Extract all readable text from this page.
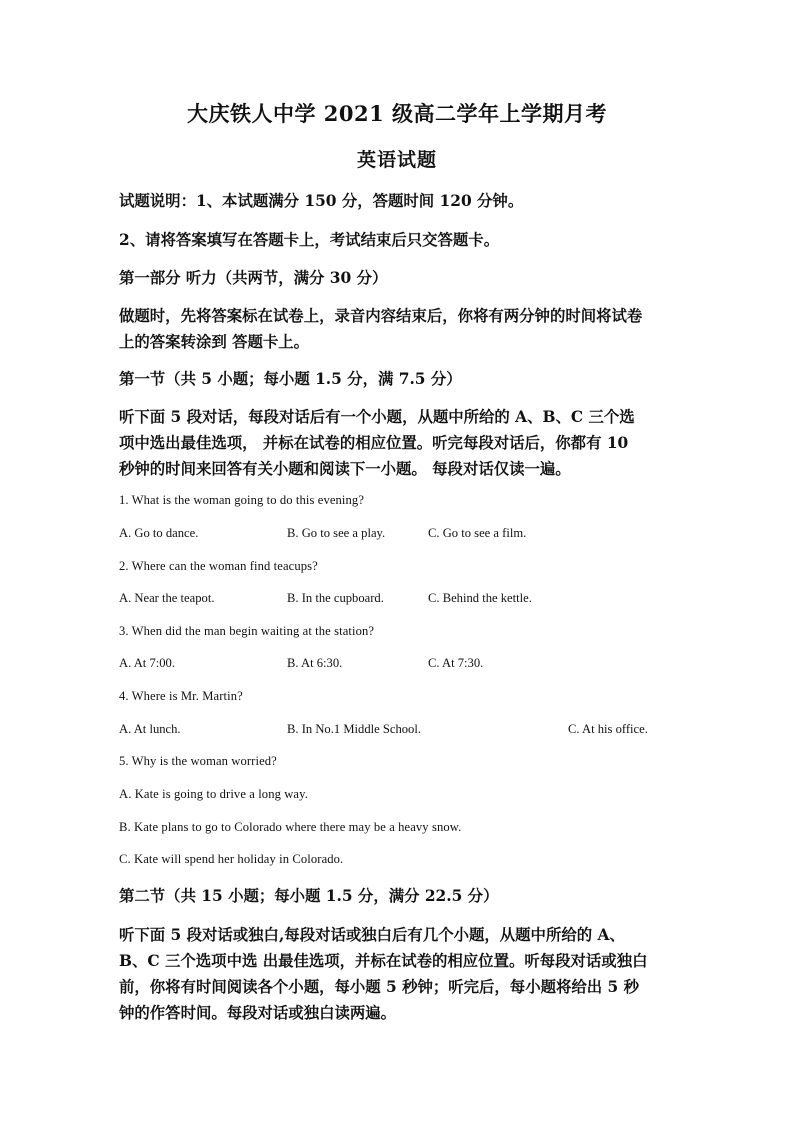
大庆铁人中学 2021 级高二学年上学期月考
英语试题
试题说明：1、本试题满分 150 分，答题时间 120 分钟。
2、请将答案填写在答题卡上，考试结束后只交答题卡。
第一部分 听力（共两节，满分 30 分）
做题时，先将答案标在试卷上，录音内容结束后，你将有两分钟的时间将试卷
上的答案转涂到 答题卡上。
第一节（共 5 小题；每小题 1.5 分，满 7.5 分）
听下面 5 段对话，每段对话后有一个小题，从题中所给的 A、B、C 三个选
项中选出最佳选项， 并标在试卷的相应位置。听完每段对话后，你都有 10
秒钟的时间来回答有关小题和阅读下一小题。 每段对话仅读一遍。
1. What is the woman going to do this evening?
A. Go to dance.	B. Go to see a play.	C. Go to see a film.
2. Where can the woman find teacups?
A. Near the teapot.	B. In the cupboard.	C. Behind the kettle.
3. When did the man begin waiting at the station?
A. At 7:00.	B. At 6:30.	C. At 7:30.
4. Where is Mr. Martin?
A. At lunch.	B. In No.1 Middle School.	C. At his office.
5. Why is the woman worried?
A. Kate is going to drive a long way.
B. Kate plans to go to Colorado where there may be a heavy snow.
C. Kate will spend her holiday in Colorado.
第二节（共 15 小题；每小题 1.5 分，满分 22.5 分）
听下面 5 段对话或独白,每段对话或独白后有几个小题，从题中所给的 A、
B、C 三个选项中选 出最佳选项，并标在试卷的相应位置。听每段对话或独白
前，你将有时间阅读各个小题，每小题 5 秒钟；听完后，每小题将给出 5 秒
钟的作答时间。每段对话或独白读两遍。
